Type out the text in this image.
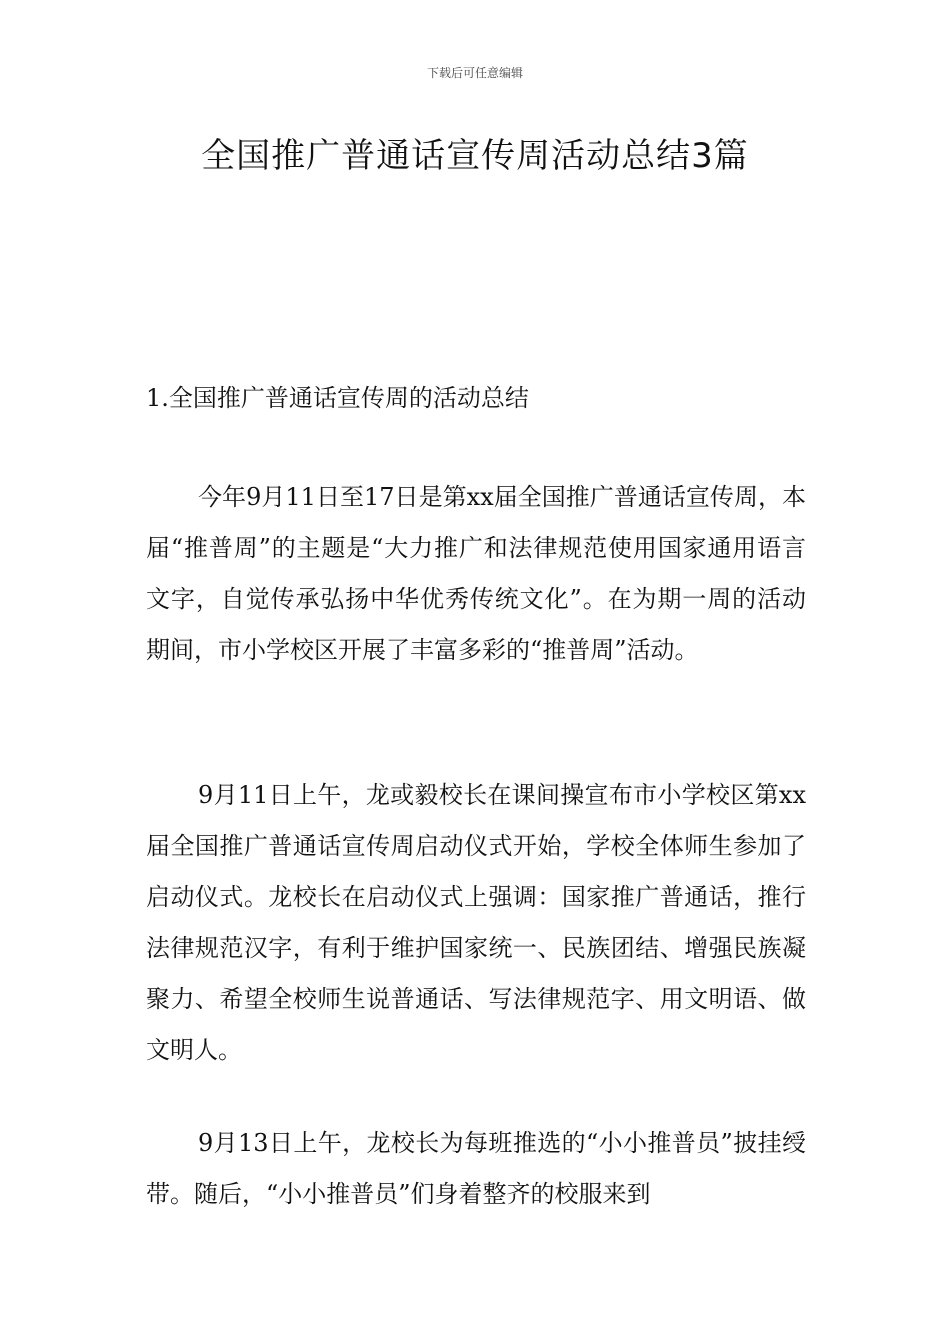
下载后可任意编辑
全国推广普通话宣传周活动总结3篇
1.全国推广普通话宣传周的活动总结

今年9月11日至17日是第xx届全国推广普通话宣传周，本届“推普周”的主题是“大力推广和法律规范使用国家通用语言文字，自觉传承弘扬中华优秀传统文化”。在为期一周的活动期间，市小学校区开展了丰富多彩的“推普周”活动。

9月11日上午，龙或毅校长在课间操宣布市小学校区第xx届全国推广普通话宣传周启动仪式开始，学校全体师生参加了启动仪式。龙校长在启动仪式上强调：国家推广普通话，推行法律规范汉字，有利于维护国家统一、民族团结、增强民族凝聚力、希望全校师生说普通话、写法律规范字、用文明语、做文明人。

9月13日上午，龙校长为每班推选的“小小推普员”披挂绶带。随后，“小小推普员”们身着整齐的校服来到
